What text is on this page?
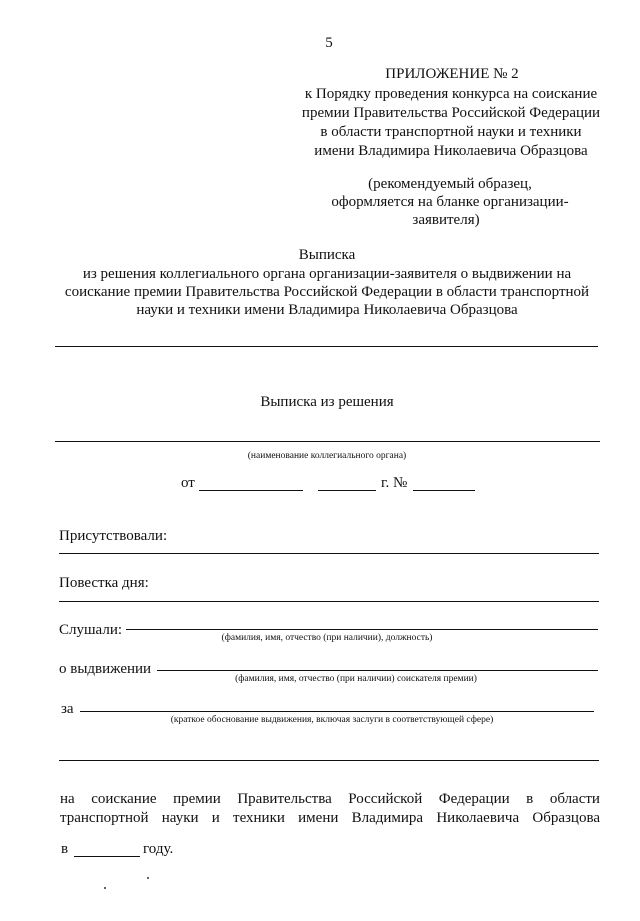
5
ПРИЛОЖЕНИЕ № 2
к Порядку проведения конкурса на соискание
премии Правительства Российской Федерации
в области транспортной науки и техники
имени Владимира Николаевича Образцова
(рекомендуемый образец,
оформляется на бланке организации-
заявителя)
Выписка
из решения коллегиального органа организации-заявителя о выдвижении на
соискание премии Правительства Российской Федерации в области транспортной
науки и техники имени Владимира Николаевича Образцова
Выписка из решения
(наименование коллегиального органа)
от	г. №
Присутствовали:
Повестка дня:
Слушали:	(фамилия, имя, отчество (при наличии), должность)
о выдвижении
(фамилия, имя, отчество (при наличии) соискателя премии)
за
(краткое обоснование выдвижения, включая заслуги в соответствующей сфере)
на соискание премии Правительства Российской Федерации в области
транспортной науки и техники имени Владимира Николаевича Образцова
в	году.
